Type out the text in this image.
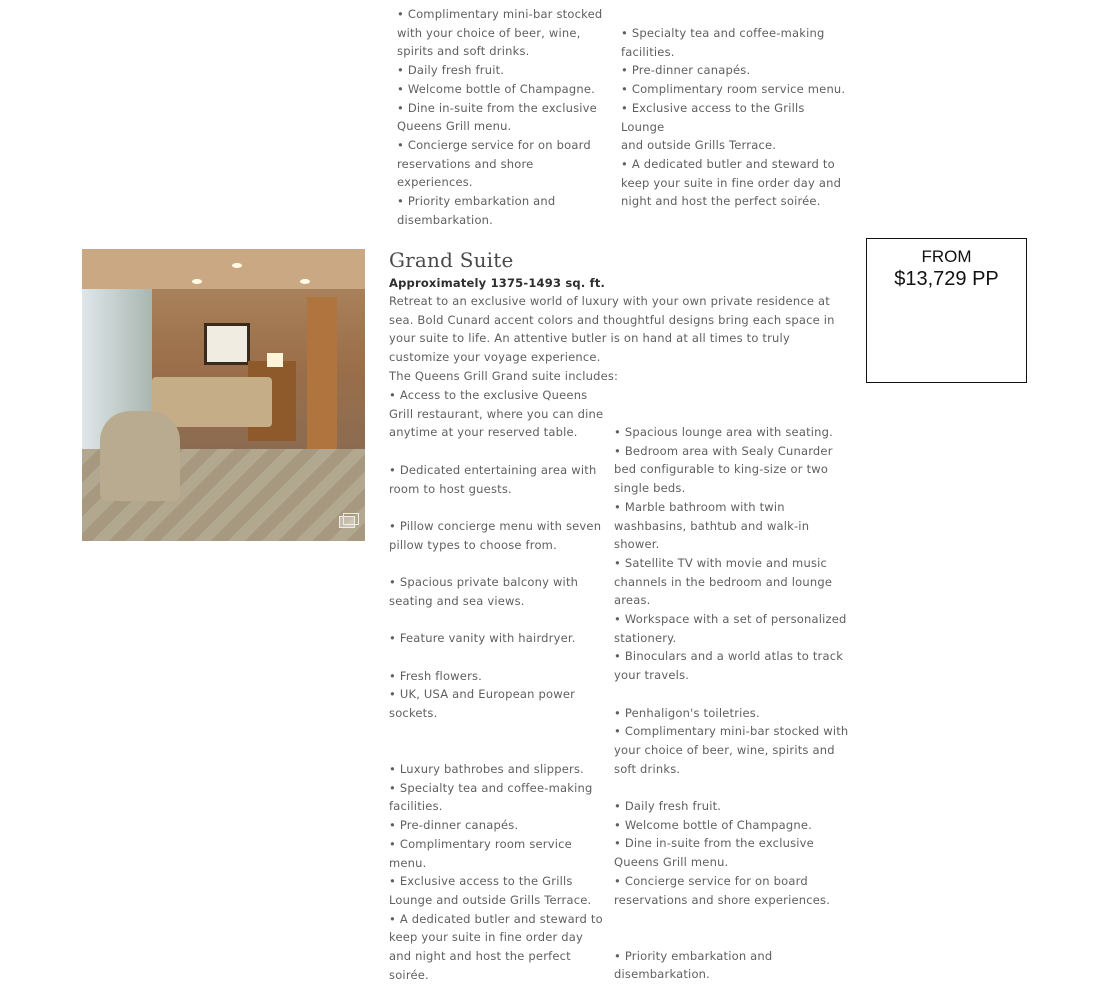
• Complimentary mini-bar stocked
with your choice of beer, wine,
spirits and soft drinks.
• Daily fresh fruit.
• Welcome bottle of Champagne.
• Dine in-suite from the exclusive
Queens Grill menu.
• Concierge service for on board
reservations and shore
experiences.
• Priority embarkation and
disembarkation.

• Specialty tea and coffee-making
facilities.
• Pre-dinner canapés.
• Complimentary room service menu.
• Exclusive access to the Grills Lounge
and outside Grills Terrace.
• A dedicated butler and steward to
keep your suite in fine order day and
night and host the perfect soirée.

Grand Suite

Approximately 1375-1493 sq. ft.

Retreat to an exclusive world of luxury with your own private residence at sea. Bold Cunard accent colors and thoughtful designs bring each space in your suite to life. An attentive butler is on hand at all times to truly customize your voyage experience.

The Queens Grill Grand suite includes:

• Access to the exclusive Queens
Grill restaurant, where you can dine
anytime at your reserved table.

• Dedicated entertaining area with
room to host guests.

• Pillow concierge menu with seven
pillow types to choose from.

• Spacious private balcony with
seating and sea views.

• Feature vanity with hairdryer.

• Fresh flowers.
• UK, USA and European power
sockets.

• Luxury bathrobes and slippers.
• Specialty tea and coffee-making
facilities.
• Pre-dinner canapés.
• Complimentary room service
menu.
• Exclusive access to the Grills
Lounge and outside Grills Terrace.
• A dedicated butler and steward to
keep your suite in fine order day
and night and host the perfect
soirée.

• Spacious lounge area with seating.
• Bedroom area with Sealy Cunarder
bed configurable to king-size or two
single beds.
• Marble bathroom with twin
washbasins, bathtub and walk-in
shower.
• Satellite TV with movie and music
channels in the bedroom and lounge
areas.
• Workspace with a set of personalized
stationery.
• Binoculars and a world atlas to track
your travels.

• Penhaligon's toiletries.
• Complimentary mini-bar stocked with
your choice of beer, wine, spirits and
soft drinks.

• Daily fresh fruit.
• Welcome bottle of Champagne.
• Dine in-suite from the exclusive
Queens Grill menu.
• Concierge service for on board
reservations and shore experiences.

• Priority embarkation and
disembarkation.

FROM
$13,729 PP
